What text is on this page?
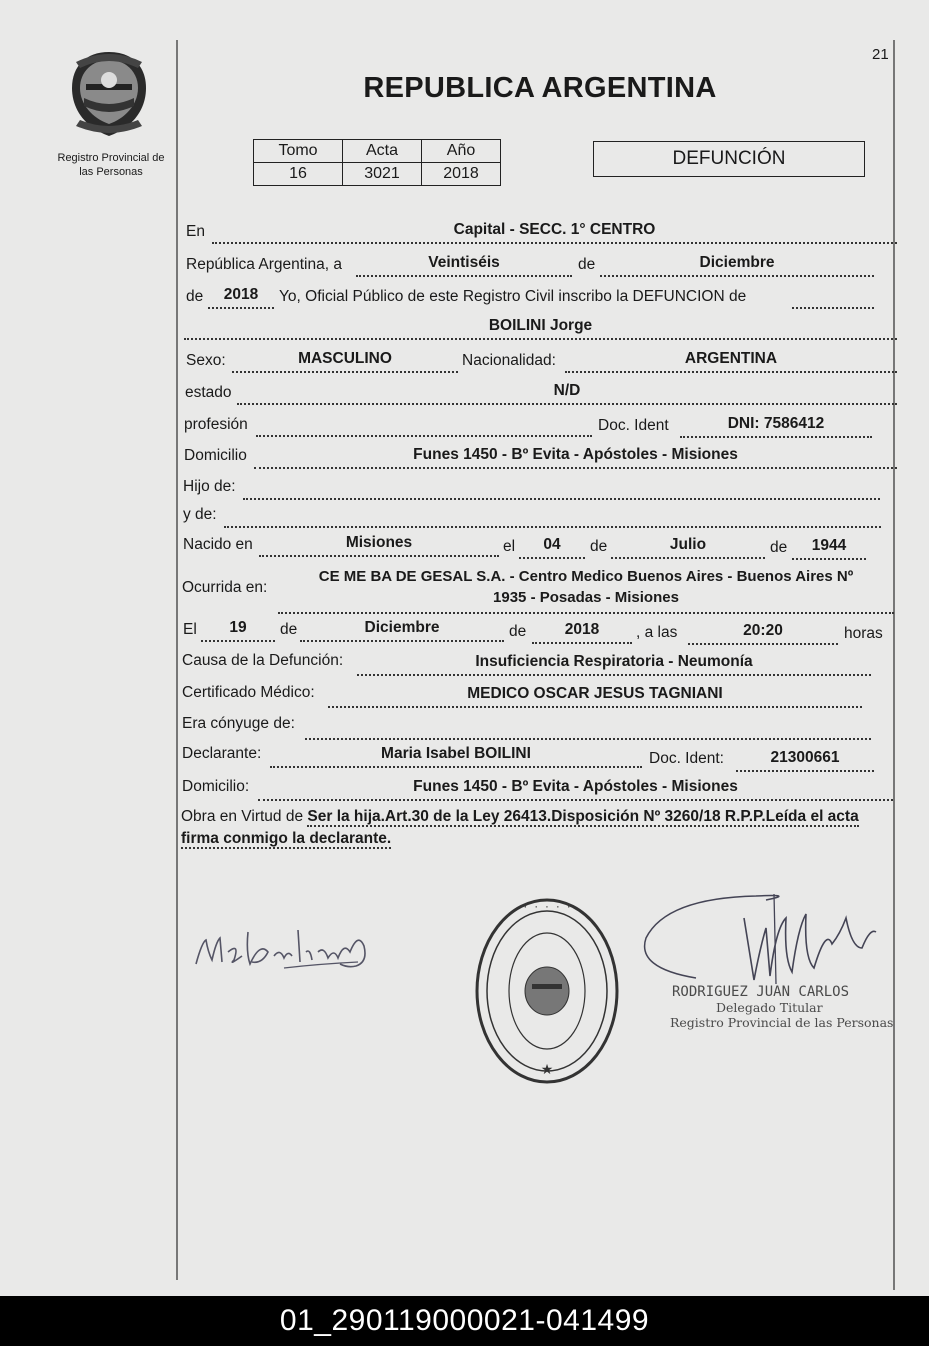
21
Registro Provincial de
las Personas
REPUBLICA ARGENTINA
Tomo	Acta	Año
16	3021	2018
DEFUNCIÓN
En	Capital - SECC. 1° CENTRO
República Argentina, a	Veintiséis	de	Diciembre
de	2018	Yo, Oficial Público de este Registro Civil inscribo la DEFUNCION de
BOILINI Jorge
Sexo:	MASCULINO	Nacionalidad:	ARGENTINA
estado	N/D
profesión	Doc. Ident	DNI: 7586412
Domicilio	Funes 1450 - Bº Evita - Apóstoles - Misiones
Hijo de:
y de:
Nacido en	Misiones	el	04	de	Julio	de	1944
Ocurrida en:
CE ME BA DE GESAL S.A. - Centro Medico Buenos Aires - Buenos Aires Nº
1935 - Posadas - Misiones
El	19	de	Diciembre	de	2018	, a las	20:20	horas
Causa de la Defunción:	Insuficiencia Respiratoria - Neumonía
Certificado Médico:	MEDICO OSCAR JESUS TAGNIANI
Era cónyuge de:
Declarante:	Maria Isabel BOILINI	Doc. Ident:	21300661
Domicilio:	Funes 1450 - Bº Evita - Apóstoles - Misiones
Obra en Virtud de Ser la hija.Art.30 de la Ley 26413.Disposición Nº 3260/18 R.P.P.Leída el acta firma conmigo la declarante.
★
· · · · ·
RODRIGUEZ JUAN CARLOS
Delegado Titular
Registro Provincial de las Personas
01_290119000021-041499
